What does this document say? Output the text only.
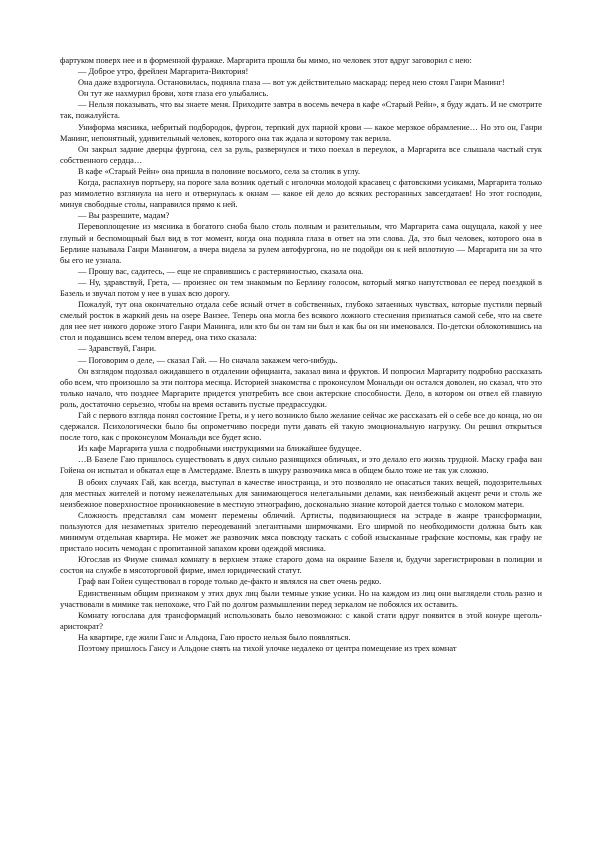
фартуком поверх нее и в форменной фуражке. Маргарита прошла бы мимо, но человек этот вдруг заговорил с нею:

— Доброе утро, фрейлен Маргарита-Виктория!

Она даже вздрогнула. Остановилась, подняла глаза — вот уж действительно маскарад: перед нею стоял Ганри Манинг!

Он тут же нахмурил брови, хотя глаза его улыбались.

— Нельзя показывать, что вы знаете меня. Приходите завтра в восемь вечера в кафе «Старый Рейн», я буду ждать. И не смотрите так, пожалуйста.

Униформа мясника, небритый подбородок, фургон, терпкий дух парной крови — какое мерзкое обрамление… Но это он, Ганри Манинг, непонятный, удивительный человек, которого она так ждала и которому так верила.

Он закрыл задние дверцы фургона, сел за руль, развернулся и тихо поехал в переулок, а Маргарита все слышала частый стук собственного сердца…

В кафе «Старый Рейн» она пришла в половине восьмого, села за столик в углу.

Когда, распахнув портьеру, на пороге зала возник одетый с иголочки молодой красавец с фатовскими усиками, Маргарита только раз мимолетно взглянула на него и отвернулась к окнам — какое ей дело до всяких ресторанных завсегдатаев! Но этот господин, минуя свободные столы, направился прямо к ней.

— Вы разрешите, мадам?

Перевоплощение из мясника в богатого сноба было столь полным и разительным, что Маргарита сама ощущала, какой у нее глупый и беспомощный был вид в тот момент, когда она подняла глаза в ответ на эти слова. Да, это был человек, которого она в Берлине называла Ганри Манингом, а вчера видела за рулем автофургона, но не подойди он к ней вплотную — Маргарита ни за что бы его не узнала.

— Прошу вас, садитесь, — еще не справившись с растерянностью, сказала она.

— Ну, здравствуй, Грета, — произнес он тем знакомым по Берлину голосом, который мягко напутствовал ее перед поездкой в Базель и звучал потом у нее в ушах всю дорогу.

Пожалуй, тут она окончательно отдала себе ясный отчет в собственных, глубоко затаенных чувствах, которые пустили первый смелый росток в жаркий день на озере Ванзее. Теперь она могла без всякого ложного стеснения признаться самой себе, что на свете для нее нет никого дороже этого Ганри Манинга, или кто бы он там ни был и как бы он ни именовался. По-детски облокотившись на стол и подавшись всем телом вперед, она тихо сказала:

— Здравствуй, Ганри.

— Поговорим о деле, — сказал Гай. — Но сначала закажем чего-нибудь.

Он взглядом подозвал ожидавшего в отдалении официанта, заказал вина и фруктов. И попросил Маргариту подробно рассказать обо всем, что произошло за эти полтора месяца. Историей знакомства с проконсулом Мональди он остался доволен, но сказал, что это только начало, что позднее Маргарите придется употребить все свои актерские способности. Дело, в котором он отвел ей главную роль, достаточно серьезно, чтобы на время оставить пустые предрассудки.

Гай с первого взгляда понял состояние Греты, и у него возникло было желание сейчас же рассказать ей о себе все до конца, но он сдержался. Психологически было бы опрометчиво посреди пути давать ей такую эмоциональную нагрузку. Он решил открыться после того, как с проконсулом Мональди все будет ясно.

Из кафе Маргарита ушла с подробными инструкциями на ближайшее будущее.

…В Базеле Гаю пришлось существовать в двух сильно разнящихся обличьях, и это делало его жизнь трудной. Маску графа ван Гойена он испытал и обкатал еще в Амстердаме. Влезть в шкуру развозчика мяса в общем было тоже не так уж сложно.

В обоих случаях Гай, как всегда, выступал в качестве иностранца, и это позволяло не опасаться таких вещей, подозрительных для местных жителей и потому нежелательных для занимающегося нелегальными делами, как неизбежный акцент речи и столь же неизбежное поверхностное проникновение в местную этнографию, досконально знание которой дается только с молоком матери.

Сложность представлял сам момент перемены обличий. Артисты, подвизающиеся на эстраде в жанре трансформации, пользуются для незаметных зрителю переодеваний элегантными ширмочками. Его ширмой по необходимости должна быть как минимум отдельная квартира. Не может же развозчик мяса повсюду таскать с собой изысканные графские костюмы, как графу не пристало носить чемодан с пропитанной запахом крови одеждой мясника.

Югослав из Фиуме снимал комнату в верхнем этаже старого дома на окраине Базеля и, будучи зарегистрирован в полиции и состоя на службе в мясоторговой фирме, имел юридический статут.

Граф ван Гойен существовал в городе только де-факто и являлся на свет очень редко.

Единственным общим признаком у этих двух лиц были темные узкие усики. Но на каждом из лиц они выглядели столь разно и участвовали в мимике так непохоже, что Гай по долгом размышлении перед зеркалом не побоялся их оставить.

Комнату югослава для трансформаций использовать было невозможно: с какой стати вдруг появится в этой конуре щеголь-аристократ?

На квартире, где жили Ганс и Альдона, Гаю просто нельзя было появляться.

Поэтому пришлось Гансу и Альдоне снять на тихой улочке недалеко от центра помещение из трех комнат
